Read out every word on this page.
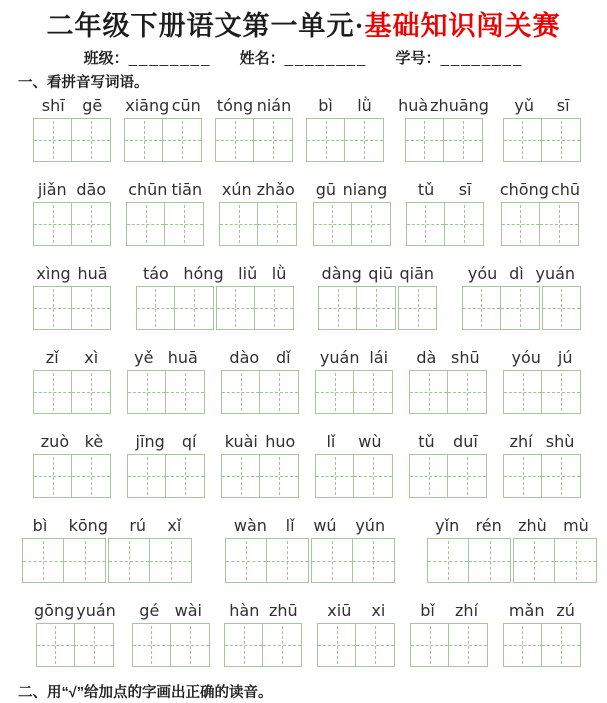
二年级下册语文第一单元·基础知识闯关赛
班级：________ 姓名：________ 学号：________
一、看拼音写词语。
shī gē xiāng cūn tóng nián bì lǜ huà zhuāng yǔ sī
jiǎn dāo chūn tiān xún zhǎo gū niang tǔ sī chōng chū
xìng huā táo hóng liǔ lǜ dàng qiū qiān yóu dì yuán
zǐ xì yě huā dào dǐ yuán lái dà shū yóu jú
zuò kè jīng qí kuài huo lǐ wù tǔ duī zhí shù
bì kōng rú xǐ	wàn lǐ wú yún	yǐn rén zhù mù
gōng yuán gé wài hàn zhū xiū xi bǐ zhí mǎn zú
二、用“√”给加点的字画出正确的读音。
